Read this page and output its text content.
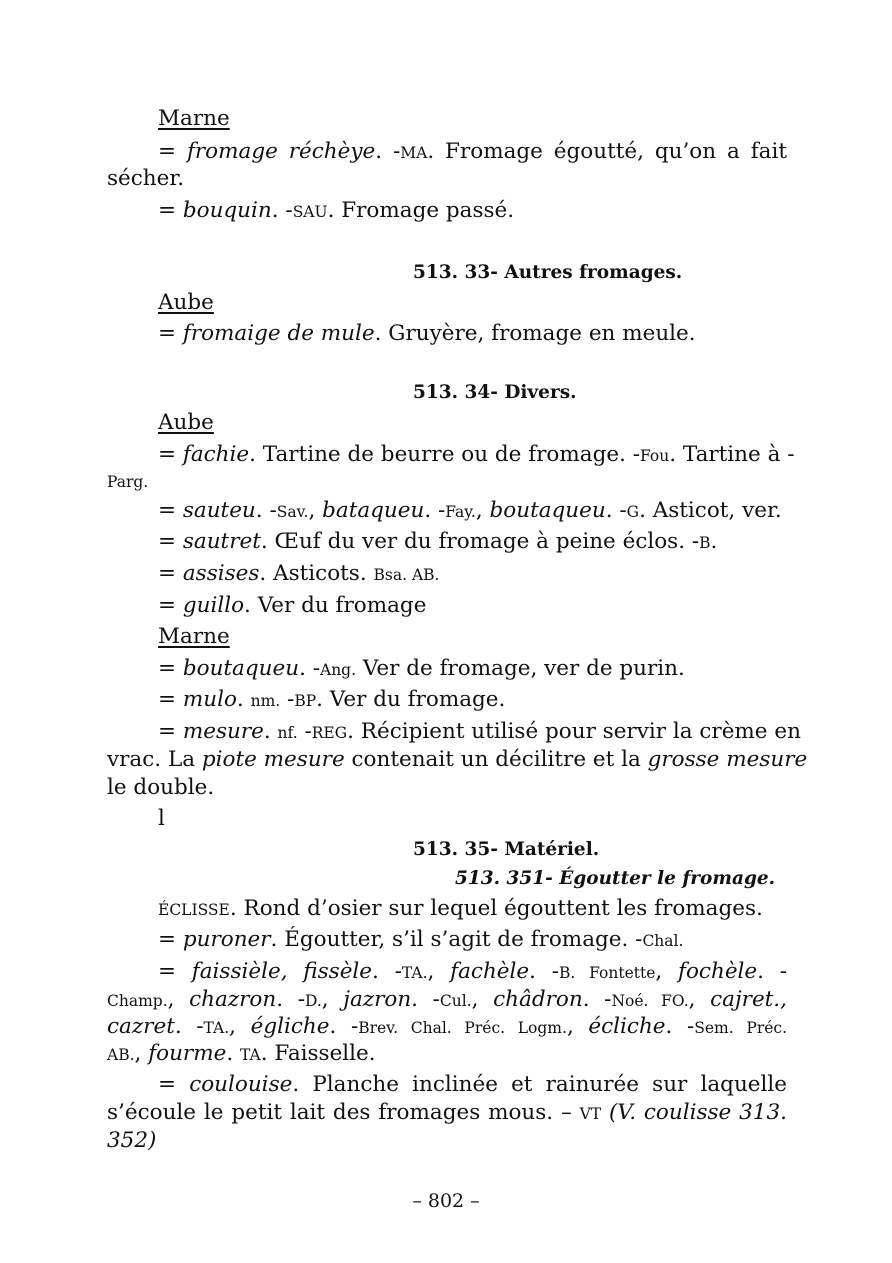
Marne
= fromage réchèye. -MA. Fromage égoutté, qu’on a fait
sécher.
= bouquin. -SAU. Fromage passé.
513. 33- Autres fromages.
Aube
= fromaige de mule. Gruyère, fromage en meule.
513. 34- Divers.
Aube
= fachie. Tartine de beurre ou de fromage. -Fou. Tartine à -
Parg.
= sauteu. -Sav., bataqueu. -Fay., boutaqueu. -G. Asticot, ver.
= sautret. Œuf du ver du fromage à peine éclos. -B.
= assises. Asticots. Bsa. AB.
= guillo. Ver du fromage
Marne
= boutaqueu. -Ang. Ver de fromage, ver de purin.
= mulo. nm. -BP. Ver du fromage.
= mesure. nf. -REG. Récipient utilisé pour servir la crème en
vrac. La piote mesure contenait un décilitre et la grosse mesure
le double.
l
513. 35- Matériel.
513. 351- Égoutter le fromage.
ÉCLISSE. Rond d’osier sur lequel égouttent les fromages.
= puroner. Égoutter, s’il s’agit de fromage. -Chal.
= faissièle, fissèle. -TA., fachèle. -B. Fontette, fochèle. -
Champ., chazron. -D., jazron. -Cul., châdron. -Noé. FO., cajret.,
cazret. -TA., égliche. -Brev. Chal. Préc. Logm., écliche. -Sem. Préc.
AB., fourme. TA. Faisselle.
= coulouise. Planche inclinée et rainurée sur laquelle
s’écoule le petit lait des fromages mous. – VT (V. coulisse 313.
352)
– 802 –
